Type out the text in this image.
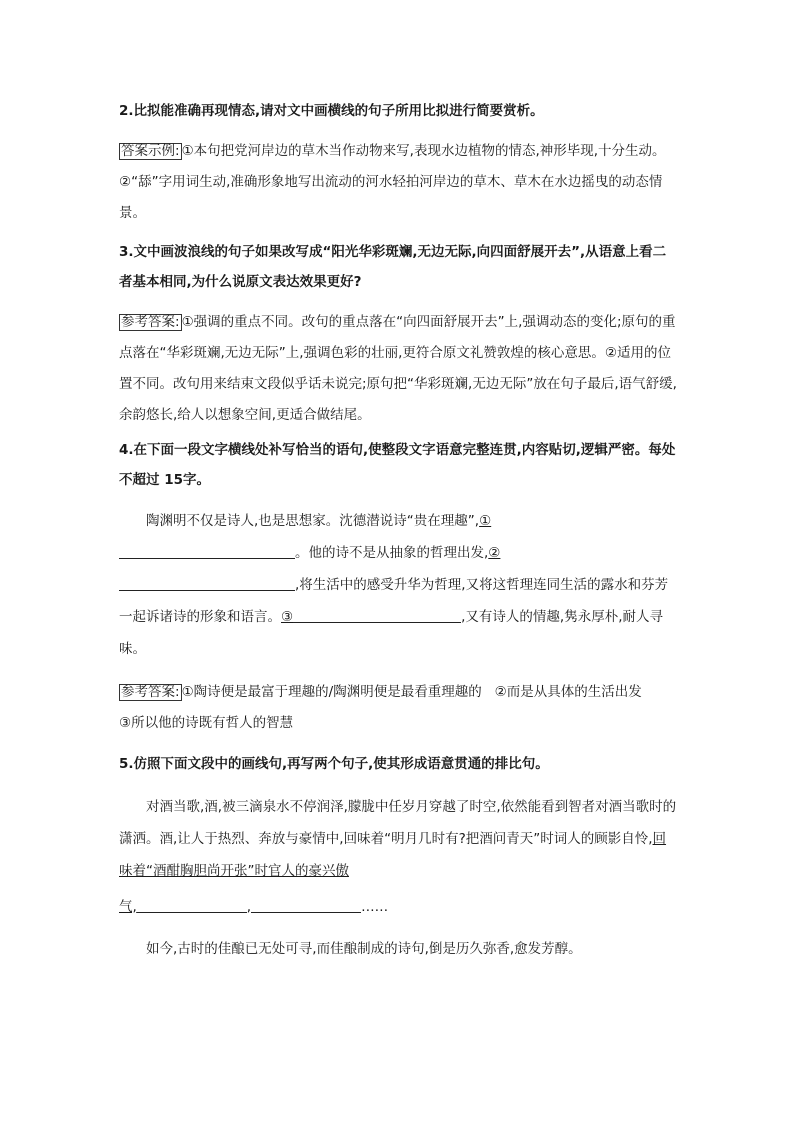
2.比拟能准确再现情态,请对文中画横线的句子所用比拟进行简要赏析。

答案示例: ①本句把党河岸边的草木当作动物来写,表现水边植物的情态,神形毕现,十分生动。②“舔”字用词生动,准确形象地写出流动的河水轻拍河岸边的草木、草木在水边摇曳的动态情景。

3.文中画波浪线的句子如果改写成“阳光华彩斑斓,无边无际,向四面舒展开去”,从语意上看二者基本相同,为什么说原文表达效果更好?

参考答案: ①强调的重点不同。改句的重点落在“向四面舒展开去”上,强调动态的变化;原句的重点落在“华彩斑斓,无边无际”上,强调色彩的壮丽,更符合原文礼赞敦煌的核心意思。②适用的位置不同。改句用来结束文段似乎话未说完;原句把“华彩斑斓,无边无际”放在句子最后,语气舒缓,余韵悠长,给人以想象空间,更适合做结尾。

4.在下面一段文字横线处补写恰当的语句,使整段文字语意完整连贯,内容贴切,逻辑严密。每处不超过 15字。

陶渊明不仅是诗人,也是思想家。沈德潜说诗“贵在理趣”,①
。他的诗不是从抽象的哲理出发,②
,将生活中的感受升华为哲理,又将这哲理连同生活的露水和芬芳一起诉诸诗的形象和语言。③	,又有诗人的情趣,隽永厚朴,耐人寻味。

参考答案: ①陶诗便是最富于理趣的/陶渊明便是最看重理趣的 ②而是从具体的生活出发
③所以他的诗既有哲人的智慧

5.仿照下面文段中的画线句,再写两个句子,使其形成语意贯通的排比句。

对酒当歌,酒,被三滴泉水不停润泽,朦胧中任岁月穿越了时空,依然能看到智者对酒当歌时的潇洒。酒,让人于热烈、奔放与豪情中,回味着“明月几时有?把酒问青天”时词人的顾影自怜,回味着“酒酣胸胆尚开张”时官人的豪兴傲

气,	,	……

如今,古时的佳酿已无处可寻,而佳酿制成的诗句,倒是历久弥香,愈发芳醇。
